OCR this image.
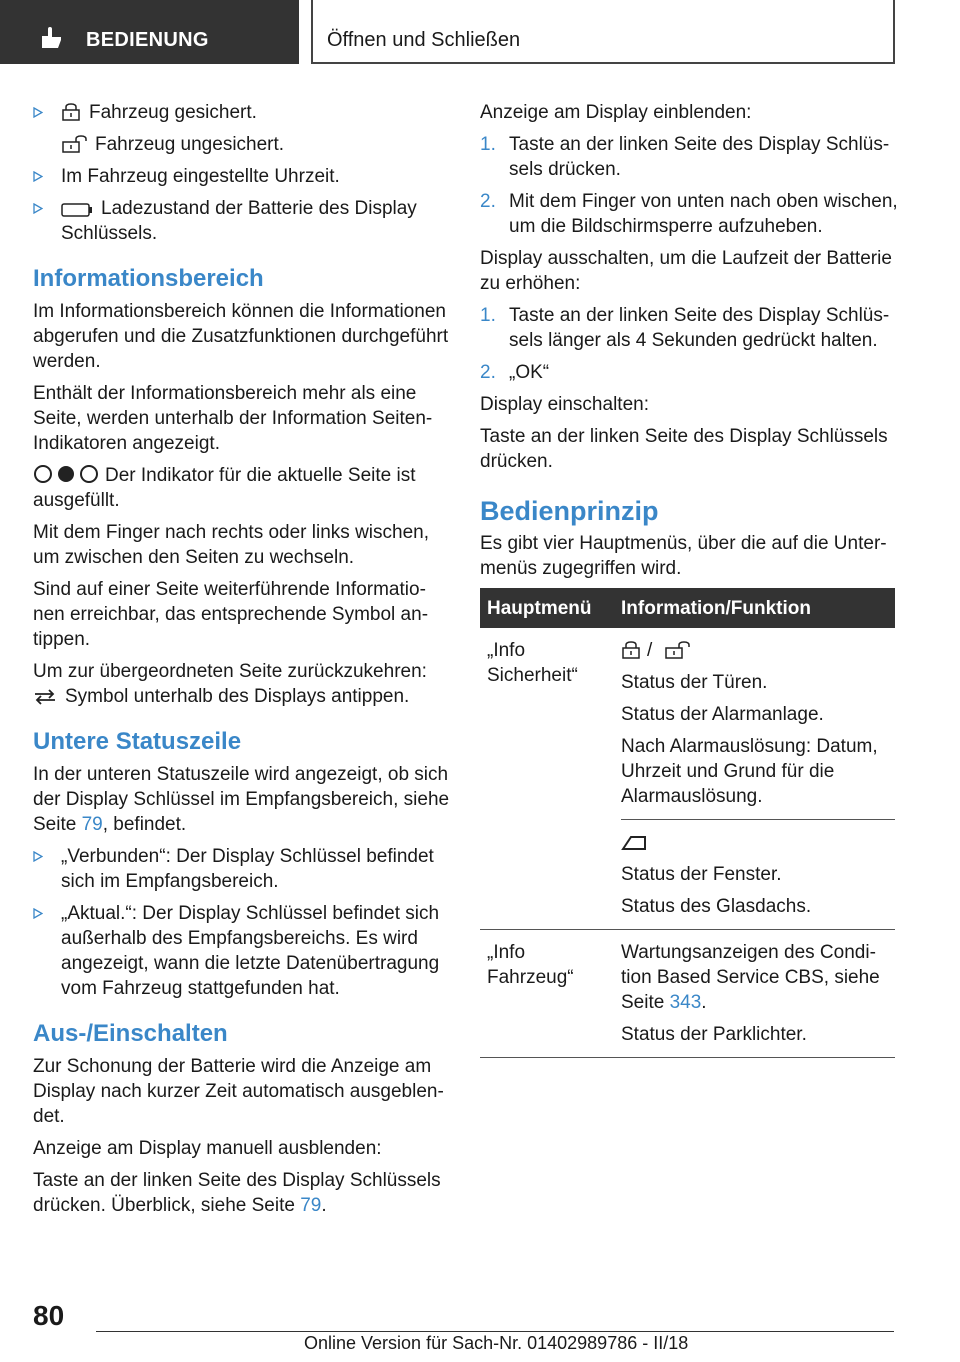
BEDIENUNG	Öffnen und Schließen
Fahrzeug gesichert.
Fahrzeug ungesichert.
Im Fahrzeug eingestellte Uhrzeit.
Ladezustand der Batterie des Display Schlüssels.
Informationsbereich
Im Informationsbereich können die Informationen abgerufen und die Zusatzfunktionen durchgeführt werden.
Enthält der Informationsbereich mehr als eine Seite, werden unterhalb der Information Seiten-Indikatoren angezeigt.
Der Indikator für die aktuelle Seite ist ausgefüllt.
Mit dem Finger nach rechts oder links wischen, um zwischen den Seiten zu wechseln.
Sind auf einer Seite weiterführende Informationen erreichbar, das entsprechende Symbol antippen.
Um zur übergeordneten Seite zurückzukehren:
Symbol unterhalb des Displays antippen.
Untere Statuszeile
In der unteren Statuszeile wird angezeigt, ob sich der Display Schlüssel im Empfangsbereich, siehe Seite 79, befindet.
„Verbunden“: Der Display Schlüssel befindet sich im Empfangsbereich.
„Aktual.“: Der Display Schlüssel befindet sich außerhalb des Empfangsbereichs. Es wird angezeigt, wann die letzte Datenübertragung vom Fahrzeug stattgefunden hat.
Aus-/Einschalten
Zur Schonung der Batterie wird die Anzeige am Display nach kurzer Zeit automatisch ausgeblendet.
Anzeige am Display manuell ausblenden:
Taste an der linken Seite des Display Schlüssels drücken. Überblick, siehe Seite 79.
Anzeige am Display einblenden:
1. Taste an der linken Seite des Display Schlüssels drücken.
2. Mit dem Finger von unten nach oben wischen, um die Bildschirmsperre aufzuheben.
Display ausschalten, um die Laufzeit der Batterie zu erhöhen:
1. Taste an der linken Seite des Display Schlüssels länger als 4 Sekunden gedrückt halten.
2. „OK“
Display einschalten:
Taste an der linken Seite des Display Schlüssels drücken.
Bedienprinzip
Es gibt vier Hauptmenüs, über die auf die Untermenüs zugegriffen wird.
Hauptmenü	Information/Funktion
„Info Sicherheit“
/
Status der Türen.
Status der Alarmanlage.
Nach Alarmauslösung: Datum, Uhrzeit und Grund für die Alarmauslösung.
Status der Fenster.
Status des Glasdachs.
„Info Fahrzeug“
Wartungsanzeigen des Condition Based Service CBS, siehe Seite 343.
Status der Parklichter.
80
Online Version für Sach-Nr. 01402989786 - II/18
